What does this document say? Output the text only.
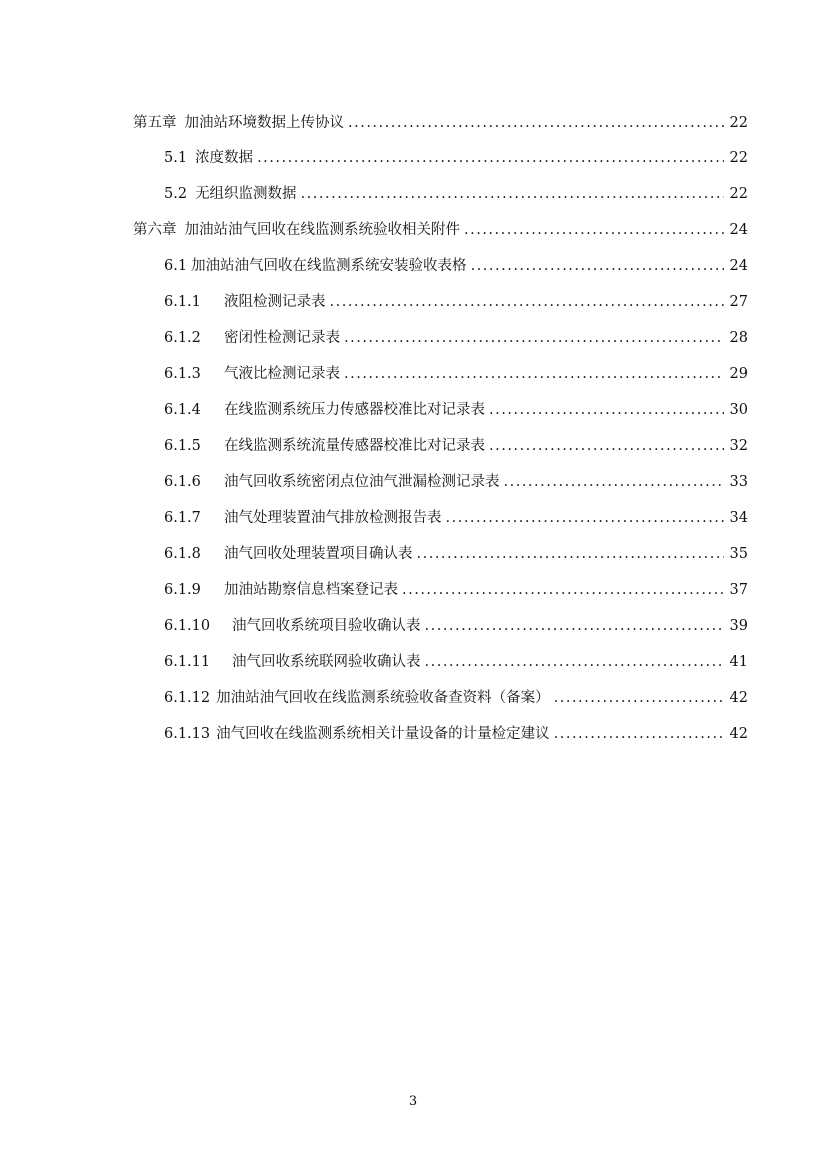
第五章 加油站环境数据上传协议 .....	22
5.1 浓度数据 .....	22
5.2 无组织监测数据 .....	22
第六章 加油站油气回收在线监测系统验收相关附件 .....	24
6.1 加油站油气回收在线监测系统安装验收表格 .....	24
6.1.1 液阻检测记录表 .....	27
6.1.2 密闭性检测记录表 .....	28
6.1.3 气液比检测记录表 .....	29
6.1.4 在线监测系统压力传感器校准比对记录表 .....	30
6.1.5 在线监测系统流量传感器校准比对记录表 .....	32
6.1.6 油气回收系统密闭点位油气泄漏检测记录表 .....	33
6.1.7 油气处理装置油气排放检测报告表 .....	34
6.1.8 油气回收处理装置项目确认表 .....	35
6.1.9 加油站勘察信息档案登记表 .....	37
6.1.10 油气回收系统项目验收确认表 .....	39
6.1.11 油气回收系统联网验收确认表 .....	41
6.1.12 加油站油气回收在线监测系统验收备查资料（备案） .....	42
6.1.13 油气回收在线监测系统相关计量设备的计量检定建议 .....	42
3
